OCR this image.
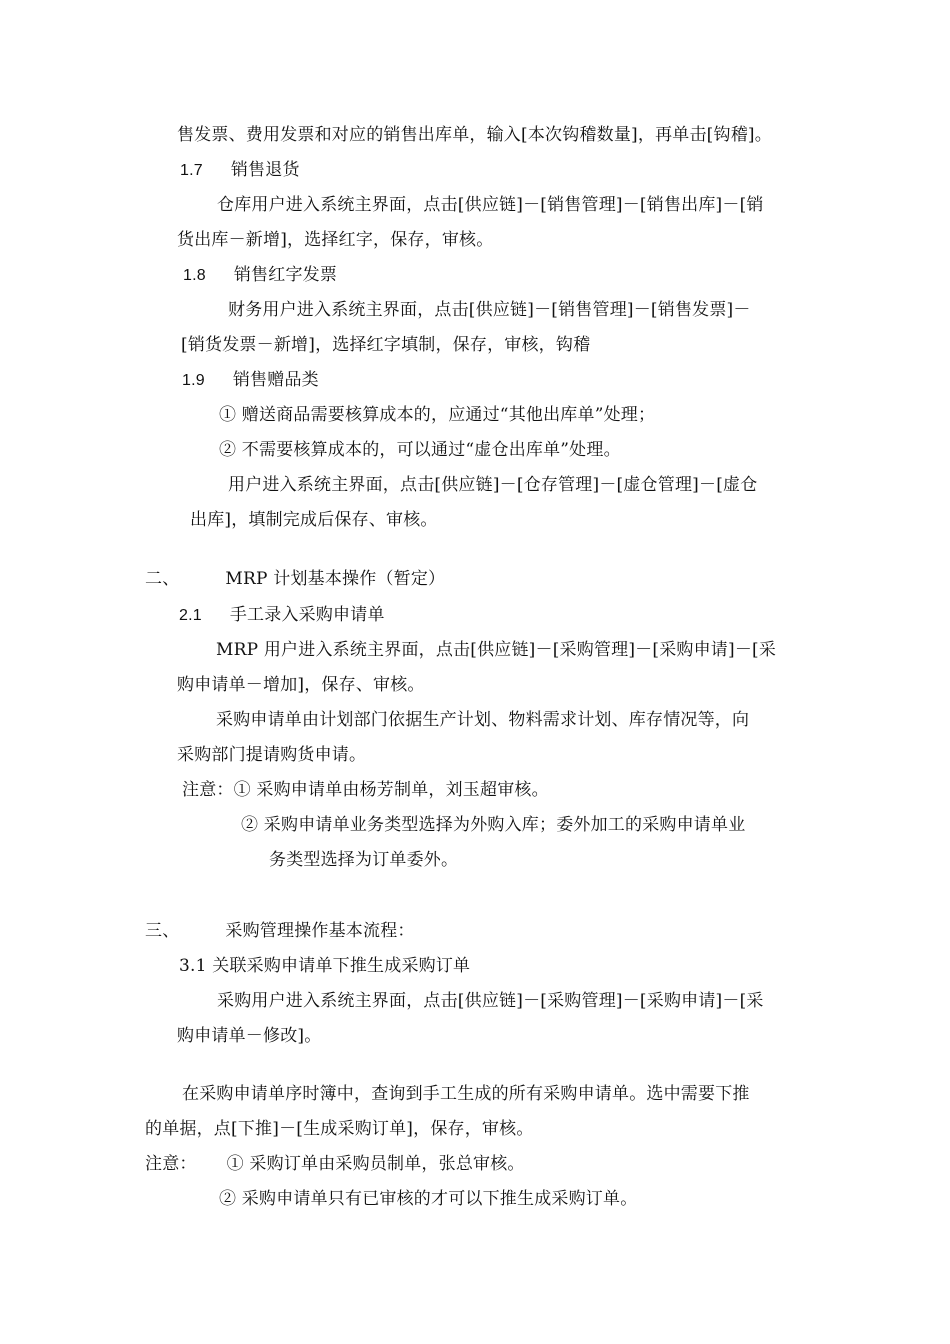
售发票、费用发票和对应的销售出库单，输入[本次钩稽数量]，再单击[钩稽]。
1.7 销售退货
仓库用户进入系统主界面，点击[供应链]－[销售管理]－[销售出库]－[销
货出库－新增]，选择红字，保存，审核。
1.8 销售红字发票
财务用户进入系统主界面，点击[供应链]－[销售管理]－[销售发票]－
[销货发票－新增]，选择红字填制，保存，审核，钩稽
1.9 销售赠品类
① 赠送商品需要核算成本的，应通过“其他出库单”处理；
② 不需要核算成本的，可以通过“虚仓出库单”处理。
用户进入系统主界面，点击[供应链]－[仓存管理]－[虚仓管理]－[虚仓
出库]，填制完成后保存、审核。
二、	MRP 计划基本操作（暂定）
2.1 手工录入采购申请单
MRP 用户进入系统主界面，点击[供应链]－[采购管理]－[采购申请]－[采
购申请单－增加]，保存、审核。
采购申请单由计划部门依据生产计划、物料需求计划、库存情况等，向
采购部门提请购货申请。
注意：① 采购申请单由杨芳制单，刘玉超审核。
② 采购申请单业务类型选择为外购入库；委外加工的采购申请单业
务类型选择为订单委外。
三、	采购管理操作基本流程：
3.1 关联采购申请单下推生成采购订单
采购用户进入系统主界面，点击[供应链]－[采购管理]－[采购申请]－[采
购申请单－修改]。
在采购申请单序时簿中，查询到手工生成的所有采购申请单。选中需要下推
的单据，点[下推]－[生成采购订单]，保存，审核。
注意： ① 采购订单由采购员制单，张总审核。
② 采购申请单只有已审核的才可以下推生成采购订单。
